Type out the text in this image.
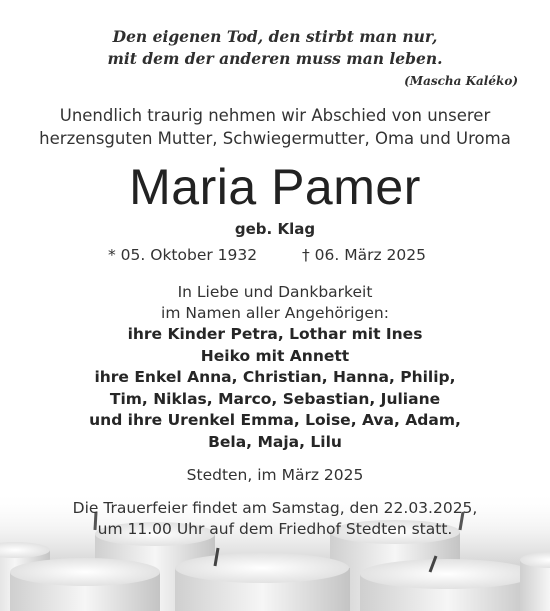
Den eigenen Tod, den stirbt man nur,
mit dem der anderen muss man leben.
(Mascha Kaléko)
Unendlich traurig nehmen wir Abschied von unserer
herzensguten Mutter, Schwiegermutter, Oma und Uroma
Maria Pamer
geb. Klag
* 05. Oktober 1932	† 06. März 2025
In Liebe und Dankbarkeit
im Namen aller Angehörigen:
ihre Kinder Petra, Lothar mit Ines
Heiko mit Annett
ihre Enkel Anna, Christian, Hanna, Philip,
Tim, Niklas, Marco, Sebastian, Juliane
und ihre Urenkel Emma, Loise, Ava, Adam,
Bela, Maja, Lilu
Stedten, im März 2025
Die Trauerfeier findet am Samstag, den 22.03.2025,
um 11.00 Uhr auf dem Friedhof Stedten statt.
